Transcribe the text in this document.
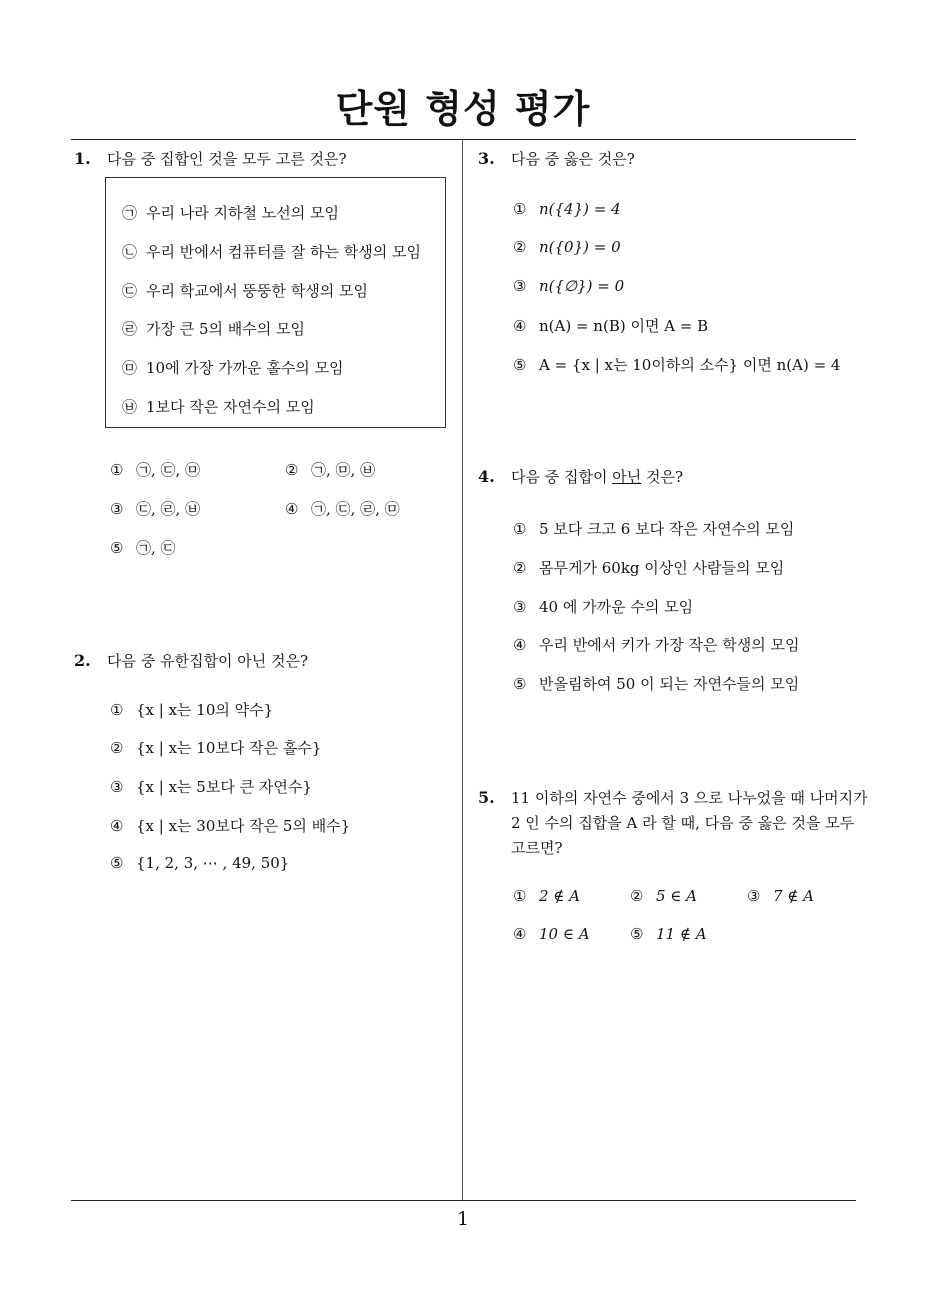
단원 형성 평가
1. 다음 중 집합인 것을 모두 고른 것은?
㉠ 우리 나라 지하철 노선의 모임
㉡ 우리 반에서 컴퓨터를 잘 하는 학생의 모임
㉢ 우리 학교에서 뚱뚱한 학생의 모임
㉣ 가장 큰 5의 배수의 모임
㉤ 10에 가장 가까운 홀수의 모임
㉥ 1보다 작은 자연수의 모임
① ㉠, ㉢, ㉤	② ㉠, ㉤, ㉥
③ ㉢, ㉣, ㉥	④ ㉠, ㉢, ㉣, ㉤
⑤ ㉠, ㉢
2. 다음 중 유한집합이 아닌 것은?
① {x | x는 10의 약수}
② {x | x는 10보다 작은 홀수}
③ {x | x는 5보다 큰 자연수}
④ {x | x는 30보다 작은 5의 배수}
⑤ {1, 2, 3, ⋯ , 49, 50}
3. 다음 중 옳은 것은?
① n({4}) = 4
② n({0}) = 0
③ n({∅}) = 0
④ n(A) = n(B) 이면 A = B
⑤ A = {x | x는 10이하의 소수} 이면 n(A) = 4
4. 다음 중 집합이 아닌 것은?
① 5 보다 크고 6 보다 작은 자연수의 모임
② 몸무게가 60kg 이상인 사람들의 모임
③ 40 에 가까운 수의 모임
④ 우리 반에서 키가 가장 작은 학생의 모임
⑤ 반올림하여 50 이 되는 자연수들의 모임
5. 11 이하의 자연수 중에서 3 으로 나누었을 때 나머지가
2 인 수의 집합을 A 라 할 때, 다음 중 옳은 것을 모두
고르면?
① 2 ∉ A	② 5 ∈ A	③ 7 ∉ A
④ 10 ∈ A	⑤ 11 ∉ A
1
